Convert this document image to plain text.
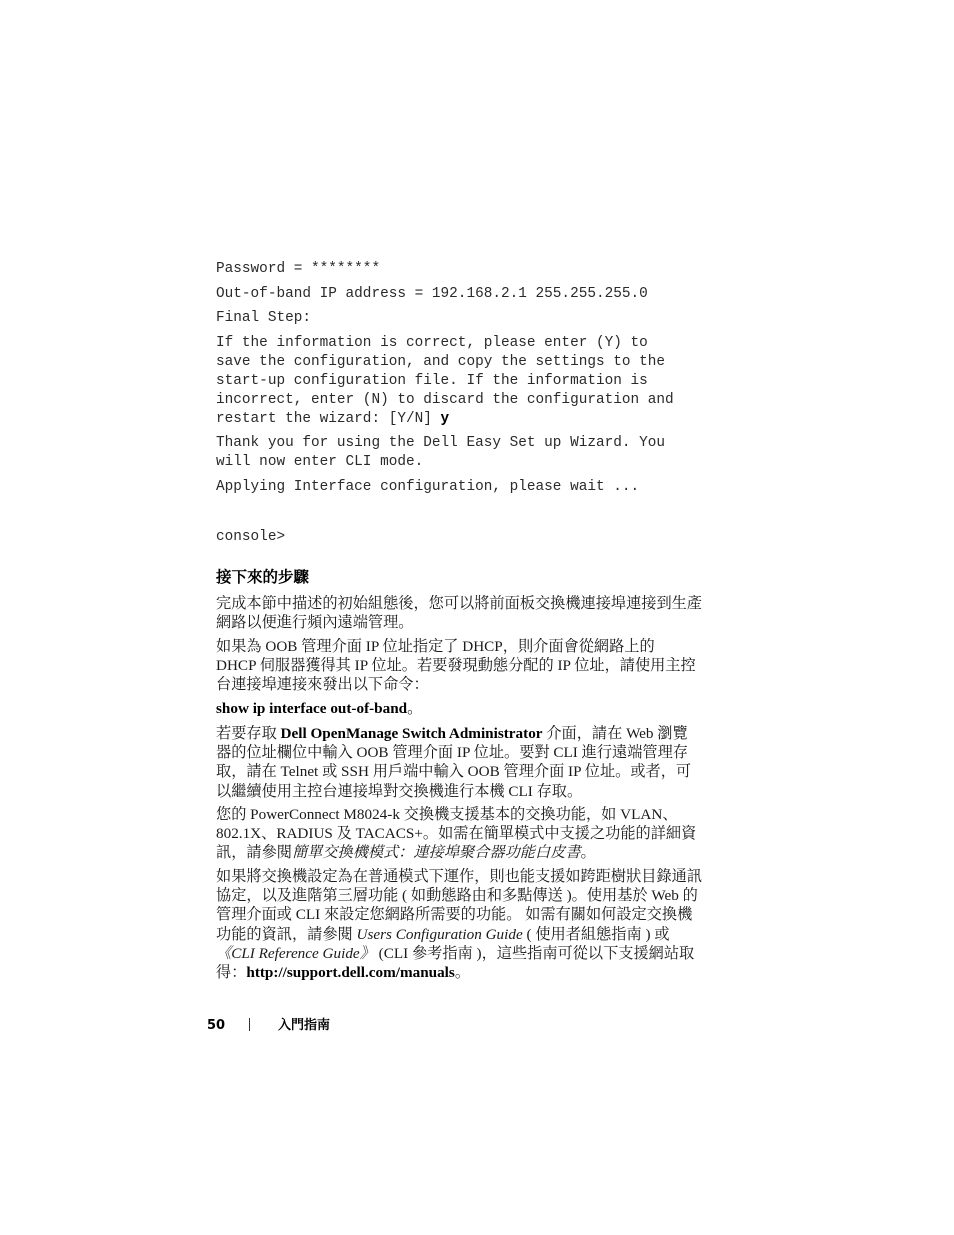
Password = ********
Out-of-band IP address = 192.168.2.1 255.255.255.0
Final Step:
If the information is correct, please enter (Y) to
save the configuration, and copy the settings to the
start-up configuration file. If the information is
incorrect, enter (N) to discard the configuration and
restart the wizard: [Y/N] y
Thank you for using the Dell Easy Set up Wizard. You
will now enter CLI mode.
Applying Interface configuration, please wait ...
console>
接下來的步驟
完成本節中描述的初始組態後，您可以將前面板交換機連接埠連接到生產
網路以便進行頻內遠端管理。
如果為 OOB 管理介面 IP 位址指定了 DHCP，則介面會從網路上的
DHCP 伺服器獲得其 IP 位址。若要發現動態分配的 IP 位址，請使用主控
台連接埠連接來發出以下命令：
show ip interface out-of-band。
若要存取 Dell OpenManage Switch Administrator 介面，請在 Web 瀏覽
器的位址欄位中輸入 OOB 管理介面 IP 位址。要對 CLI 進行遠端管理存
取，請在 Telnet 或 SSH 用戶端中輸入 OOB 管理介面 IP 位址。或者，可
以繼續使用主控台連接埠對交換機進行本機 CLI 存取。
您的 PowerConnect M8024-k 交換機支援基本的交換功能，如 VLAN、
802.1X、RADIUS 及 TACACS+。如需在簡單模式中支援之功能的詳細資
訊，請參閱簡單交換機模式：連接埠聚合器功能白皮書。
如果將交換機設定為在普通模式下運作，則也能支援如跨距樹狀目錄通訊
協定，以及進階第三層功能 ( 如動態路由和多點傳送 )。使用基於 Web 的
管理介面或 CLI 來設定您網路所需要的功能。 如需有關如何設定交換機
功能的資訊，請參閱 Users Configuration Guide ( 使用者組態指南 ) 或
《CLI Reference Guide》 (CLI 參考指南 )，這些指南可從以下支援網站取
得：http://support.dell.com/manuals。
50	入門指南
